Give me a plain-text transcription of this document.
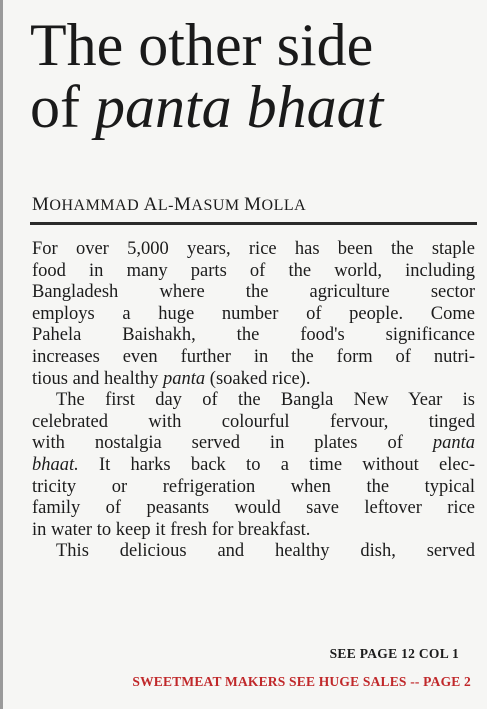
The other side
of panta bhaat

MOHAMMAD AL-MASUM MOLLA

For over 5,000 years, rice has been the staple
food in many parts of the world, including
Bangladesh where the agriculture sector
employs a huge number of people. Come
Pahela Baishakh, the food's significance
increases even further in the form of nutri-
tious and healthy panta (soaked rice).
The first day of the Bangla New Year is
celebrated with colourful fervour, tinged
with nostalgia served in plates of panta
bhaat. It harks back to a time without elec-
tricity or refrigeration when the typical
family of peasants would save leftover rice
in water to keep it fresh for breakfast.
This delicious and healthy dish, served
SEE PAGE 12 COL 1
SWEETMEAT MAKERS SEE HUGE SALES -- PAGE 2
